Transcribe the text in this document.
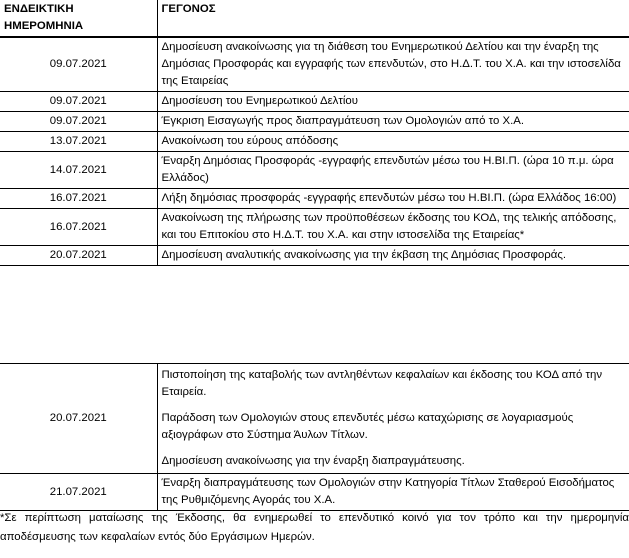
ΕΝΔΕΙΚΤΙΚΗ ΗΜΕΡΟΜΗΝΙΑ	ΓΕΓΟΝΟΣ
09.07.2021	Δημοσίευση ανακοίνωσης για τη διάθεση του Ενημερωτικού Δελτίου και την έναρξη της Δημόσιας Προσφοράς και εγγραφής των επενδυτών, στο Η.Δ.Τ. του Χ.Α. και την ιστοσελίδα της Εταιρείας
09.07.2021	Δημοσίευση του Ενημερωτικού Δελτίου
09.07.2021	Έγκριση Εισαγωγής προς διαπραγμάτευση των Ομολογιών από το Χ.Α.
13.07.2021	Ανακοίνωση του εύρους απόδοσης
14.07.2021	Έναρξη Δημόσιας Προσφοράς -εγγραφής επενδυτών μέσω του Η.ΒΙ.Π. (ώρα 10 π.μ. ώρα Ελλάδος)
16.07.2021	Λήξη δημόσιας προσφοράς -εγγραφής επενδυτών μέσω του Η.ΒΙ.Π. (ώρα Ελλάδος 16:00)
16.07.2021	Ανακοίνωση της πλήρωσης των προϋποθέσεων έκδοσης του ΚΟΔ, της τελικής απόδοσης, και του Επιτοκίου στο Η.Δ.Τ. του Χ.Α. και στην ιστοσελίδα της Εταιρείας*
20.07.2021	Δημοσίευση αναλυτικής ανακοίνωσης για την έκβαση της Δημόσιας Προσφοράς.
20.07.2021	Πιστοποίηση της καταβολής των αντληθέντων κεφαλαίων και έκδοσης του ΚΟΔ από την Εταιρεία.
Παράδοση των Ομολογιών στους επενδυτές μέσω καταχώρισης σε λογαριασμούς αξιογράφων στο Σύστημα Άυλων Τίτλων.
Δημοσίευση ανακοίνωσης για την έναρξη διαπραγμάτευσης.

21.07.2021	Έναρξη διαπραγμάτευσης των Ομολογιών στην Κατηγορία Τίτλων Σταθερού Εισοδήματος της Ρυθμιζόμενης Αγοράς του Χ.Α.
*Σε περίπτωση ματαίωσης της Έκδοσης, θα ενημερωθεί το επενδυτικό κοινό για τον τρόπο και την ημερομηνία αποδέσμευσης των κεφαλαίων εντός δύο Εργάσιμων Ημερών.
